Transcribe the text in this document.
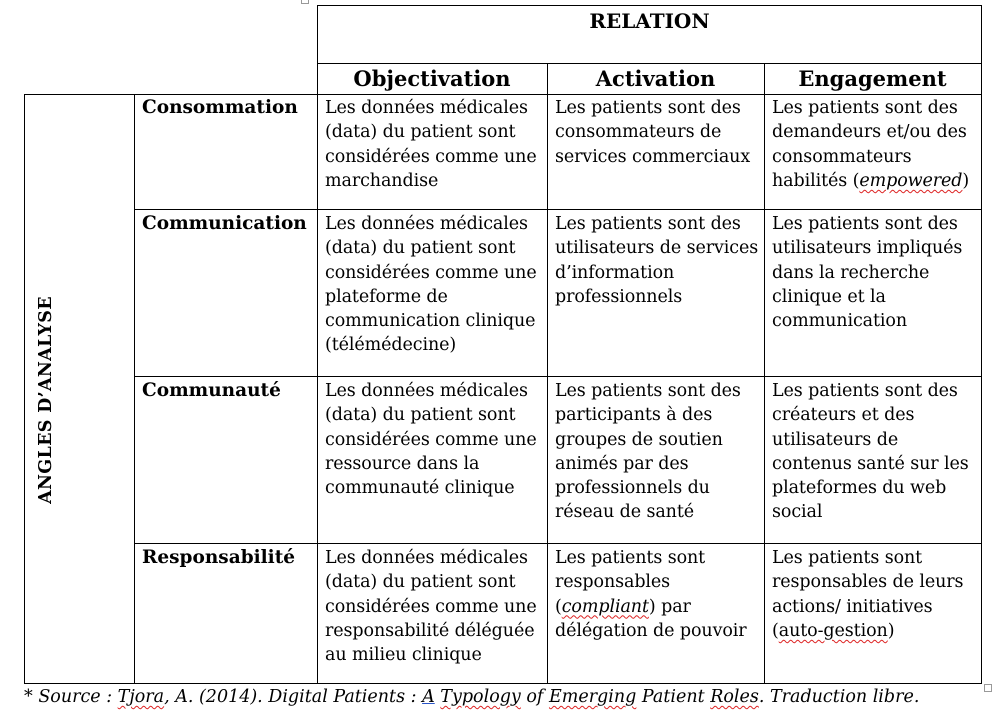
RELATION
Objectivation	Activation	Engagement
ANGLES D’ANALYSE
Consommation
Communication
Communauté
Responsabilité
Les données médicales (data) du patient sont considérées comme une marchandise
Les patients sont des consommateurs de services commerciaux
Les patients sont des demandeurs et/ou des consommateurs habilités (empowered)
Les données médicales (data) du patient sont considérées comme une plateforme de communication clinique (télémédecine)
Les patients sont des utilisateurs de services d’information professionnels
Les patients sont des utilisateurs impliqués dans la recherche clinique et la communication
Les données médicales (data) du patient sont considérées comme une ressource dans la communauté clinique
Les patients sont des participants à des groupes de soutien animés par des professionnels du réseau de santé
Les patients sont des créateurs et des utilisateurs de contenus santé sur les plateformes du web social
Les données médicales (data) du patient sont considérées comme une responsabilité déléguée au milieu clinique
Les patients sont responsables (compliant) par délégation de pouvoir
Les patients sont responsables de leurs actions/ initiatives (auto-gestion)
* Source : Tjora, A. (2014). Digital Patients : A Typology of Emerging Patient Roles. Traduction libre.
